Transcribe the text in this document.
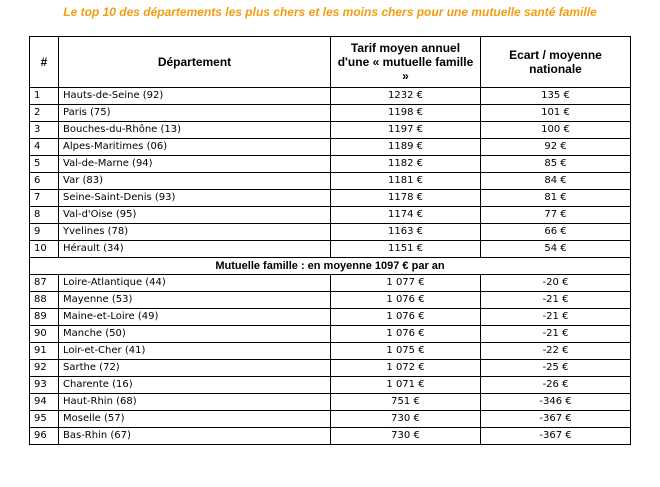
Le top 10 des départements les plus chers et les moins chers pour une mutuelle santé famille
#	Département	Tarif moyen annuel d'une « mutuelle famille »	Ecart / moyenne nationale
1	Hauts-de-Seine (92)	1232 €	135 €
2	Paris (75)	1198 €	101 €
3	Bouches-du-Rhône (13)	1197 €	100 €
4	Alpes-Maritimes (06)	1189 €	92 €
5	Val-de-Marne (94)	1182 €	85 €
6	Var (83)	1181 €	84 €
7	Seine-Saint-Denis (93)	1178 €	81 €
8	Val-d'Oise (95)	1174 €	77 €
9	Yvelines (78)	1163 €	66 €
10	Hérault (34)	1151 €	54 €
Mutuelle famille : en moyenne 1097 € par an			
87	Loire-Atlantique (44)	1 077 €	-20 €
88	Mayenne (53)	1 076 €	-21 €
89	Maine-et-Loire (49)	1 076 €	-21 €
90	Manche (50)	1 076 €	-21 €
91	Loir-et-Cher (41)	1 075 €	-22 €
92	Sarthe (72)	1 072 €	-25 €
93	Charente (16)	1 071 €	-26 €
94	Haut-Rhin (68)	751 €	-346 €
95	Moselle (57)	730 €	-367 €
96	Bas-Rhin (67)	730 €	-367 €
